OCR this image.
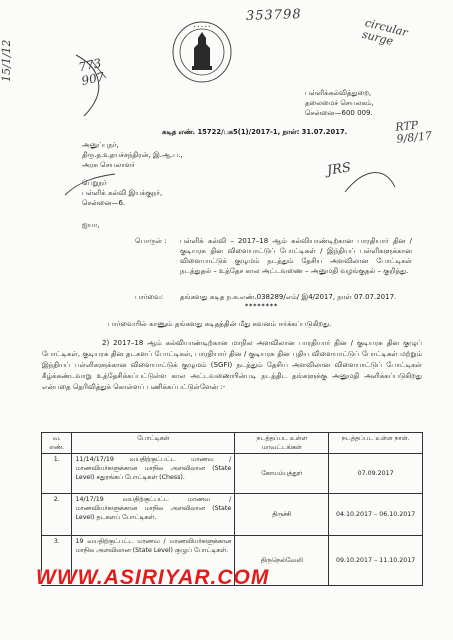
353798
circular
surge
15/1/12	773
907
• • • • •
பள்ளிக்கல்வித்துறை,
தலைமைச் செயலகம்,
சென்னை—600 009.
RTP
9/8/17
கடித எண். 15722/பக5(1)/2017-1, நாள்: 31.07.2017.
அனுப்புநர்,
திரு.த.உதயச்சந்திரன், இ.ஆ.ப.,
அரசு செயலாளர்	JRS
பெறுநர்
பள்ளிக் கல்வி இயக்குநர்,
சென்னை—6.
ஐயா,
பொருள் : பள்ளிக் கல்வி – 2017–18 ஆம் கல்வியாண்டிற்கான பாரதியார் தின / குடியரசு தின விளையாட்டுப் போட்டிகள் / இந்தியப் பள்ளிகளுக்கான விளையாட்டுக் குழுமம் நடத்தும் தேசிய அளவிலான போட்டிகள் நடத்துதல் – உத்தேச கால அட்டவணை – அனுமதி வழங்குதல் – குறித்து.
பார்வை: தங்களது கடித ந.க.எண்.038289/எம்/ இ4/2017, நாள் 07.07.2017.
********
பார்வையில் காணும் தங்களது கடிதத்தின் மீது கவனம் ஈர்க்கப்படுகிறது.
2) 2017–18 ஆம் கல்வியாண்டிற்கான மாநில அளவிலான பாரதியார் தின / குடியரசு தின குழுப் போட்டிகள், குடியரசு தின தடகளப் போட்டிகள், பாரதியார் தின / குடியரசு தின புதிய விளையாட்டுப் போட்டிகள் மற்றும் இந்தியப் பள்ளிகளுக்கான விளையாட்டுக் குழுமம் (SGFI) நடத்தும் தேசிய அளவிலான விளையாட்டுப் போட்டிகள் கீழ்க்கண்டவாறு உத்தேசிக்கப்பட்டுள்ள கால அட்டவணையின்படி நடத்திட தங்களுக்கு அனுமதி அளிக்கப்படுகிறது என்பதை தெரிவித்துக் கொள்ளப் பணிக்கப்பட்டுள்ளேன் :-
வ. எண்.	போட்டிகள்	நடத்தப்பட உள்ள மாவட்டங்கள்	நடத்தப்பட உள்ள நாள்.
1.	11/14/17/19 வயதிற்குட்பட்ட மாணவ / மாணவியர்களுக்கான மாநில அளவிலான (State Level) சதுரங்கப் போட்டிகள் (Chess).	கோயம்புத்தூர்	07.09.2017
2.	14/17/19 வயதிற்குட்பட்ட மாணவ / மாணவியர்களுக்கான மாநில அளவிலான (State Level) தடகளப் போட்டிகள்.	திருச்சி	04.10.2017 – 06.10.2017
3.	19 வயதிற்குட்பட்ட மாணவ / மாணவியர்களுக்கான மாநில அளவிலான (State Level) குழுப் போட்டிகள்.	திருநெல்வேலி	09.10.2017 – 11.10.2017
WWW.ASIRIYAR.COM
